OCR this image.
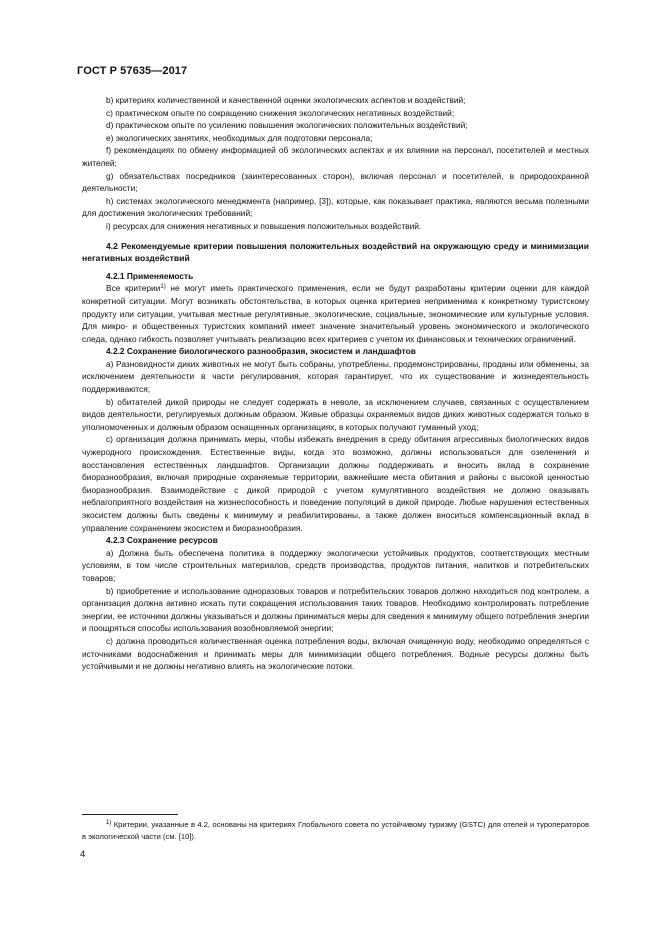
ГОСТ Р 57635—2017

b) критериях количественной и качественной оценки экологических аспектов и воздействий;

c) практическом опыте по сокращению снижения экологических негативных воздействий;

d) практическом опыте по усилению повышения экологических положительных воздействий;

e) экологических занятиях, необходимых для подготовки персонала;

f) рекомендациях по обмену информацией об экологических аспектах и их влиянии на персонал, посетителей и местных жителей;

g) обязательствах посредников (заинтересованных сторон), включая персонал и посетителей, в природоохранной деятельности;

h) системах экологического менеджмента (например, [3]), которые, как показывает практика, являются весьма полезными для достижения экологических требований;

i) ресурсах для снижения негативных и повышения положительных воздействий.

4.2 Рекомендуемые критерии повышения положительных воздействий на окружающую среду и минимизации негативных воздействий

4.2.1 Применяемость

Все критерии$^{1)}$ не могут иметь практического применения, если не будут разработаны критерии оценки для каждой конкретной ситуации. Могут возникать обстоятельства, в которых оценка критериев неприменима к конкретному туристскому продукту или ситуации, учитывая местные регулятивные, экологические, социальные, экономические или культурные условия. Для микро- и общественных туристских компаний имеет значение значительный уровень экономического и экологического следа, однако гибкость позволяет учитывать реализацию всех критериев с учетом их финансовых и технических ограничений.

4.2.2 Сохранение биологического разнообразия, экосистем и ландшафтов

a) Разновидности диких животных не могут быть собраны, употреблены, продемонстрированы, проданы или обменены, за исключением деятельности в части регулирования, которая гарантирует, что их существование и жизнедеятельность поддерживаются;

b) обитателей дикой природы не следует содержать в неволе, за исключением случаев, связанных с осуществлением видов деятельности, регулируемых должным образом. Живые образцы охраняемых видов диких животных содержатся только в уполномоченных и должным образом оснащенных организациях, в которых получают гуманный уход;

c) организация должна принимать меры, чтобы избежать внедрения в среду обитания агрессивных биологических видов чужеродного происхождения. Естественные виды, когда это возможно, должны использоваться для озеленения и восстановления естественных ландшафтов. Организации должны поддерживать и вносить вклад в сохранение биоразнообразия, включая природные охраняемые территории, важнейшие места обитания и районы с высокой ценностью биоразнообразия. Взаимодействие с дикой природой с учетом кумулятивного воздействия не должно оказывать неблагоприятного воздействия на жизнеспособность и поведение популяций в дикой природе. Любые нарушения естественных экосистем должны быть сведены к минимуму и реабилитированы, а также должен вноситься компенсационный вклад в управление сохранением экосистем и биоразнообразия.

4.2.3 Сохранение ресурсов

a) Должна быть обеспечена политика в поддержку экологически устойчивых продуктов, соответствующих местным условиям, в том числе строительных материалов, средств производства, продуктов питания, напитков и потребительских товаров;

b) приобретение и использование одноразовых товаров и потребительских товаров должно находиться под контролем, а организация должна активно искать пути сокращения использования таких товаров. Необходимо контролировать потребление энергии, ее источники должны указываться и должны приниматься меры для сведения к минимуму общего потребления энергии и поощряться способы использования возобновляемой энергии;

c) должна проводиться количественная оценка потребления воды, включая очищенную воду, необходимо определяться с источниками водоснабжения и принимать меры для минимизации общего потребления. Водные ресурсы должны быть устойчивыми и не должны негативно влиять на экологические потоки.

$^{1)}$ Критерии, указанные в 4.2, основаны на критериях Глобального совета по устойчивому туризму (GSTC) для отелей и туроператоров в экологической части (см. [10]).

4
